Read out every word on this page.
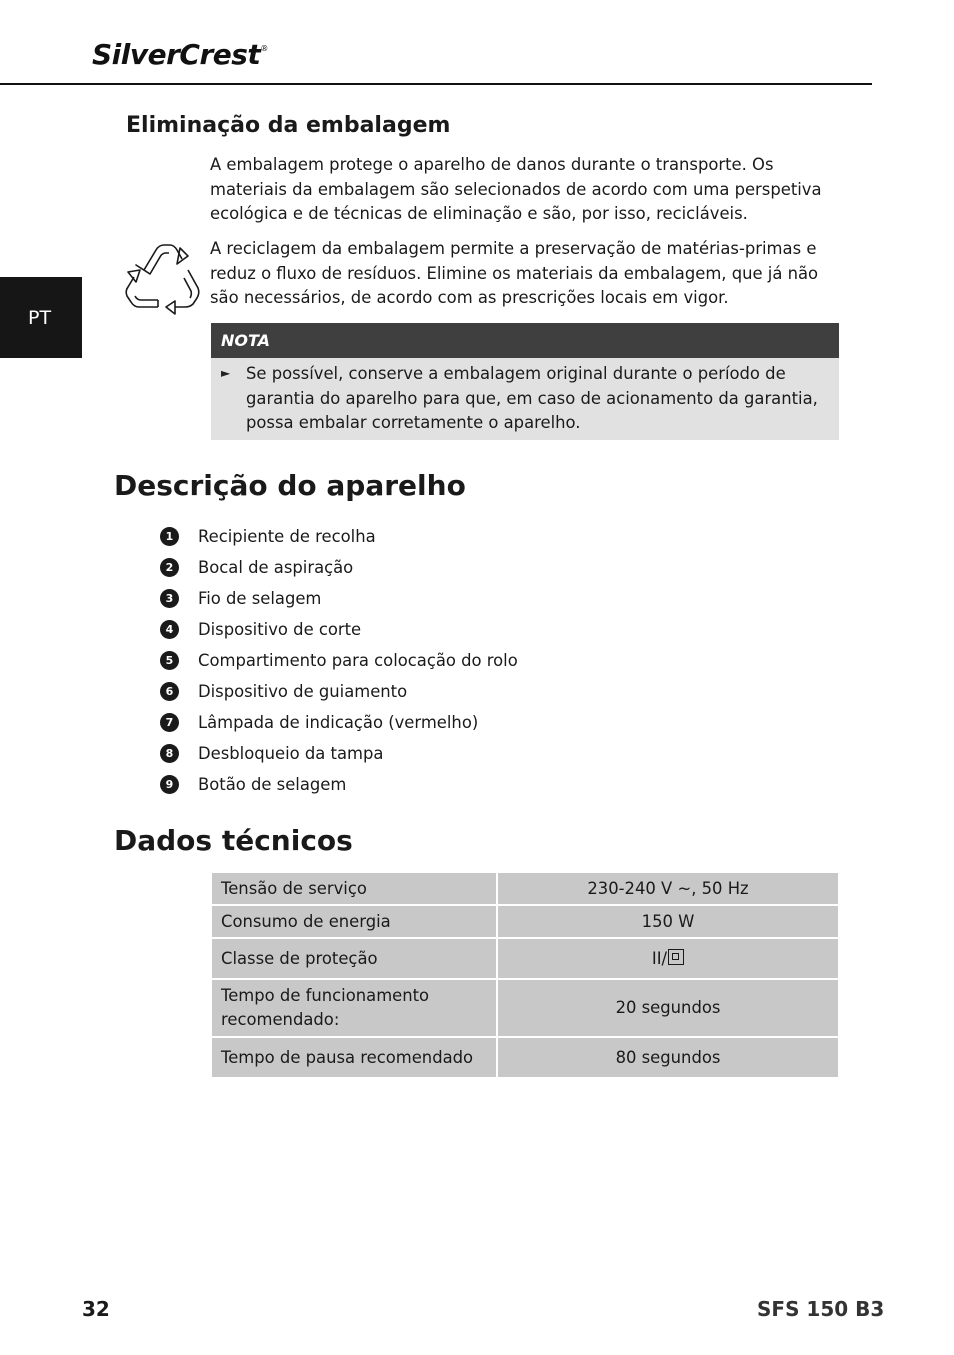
SilverCrest®
PT
Eliminação da embalagem
A embalagem protege o aparelho de danos durante o transporte. Os materiais da embalagem são selecionados de acordo com uma perspetiva ecológica e de técnicas de eliminação e são, por isso, recicláveis.
A reciclagem da embalagem permite a preservação de matérias-primas e reduz o fluxo de resíduos. Elimine os materiais da embalagem, que já não são necessários, de acordo com as prescrições locais em vigor.
NOTA
► Se possível, conserve a embalagem original durante o período de garantia do aparelho para que, em caso de acionamento da garantia, possa embalar corretamente o aparelho.
Descrição do aparelho
1	Recipiente de recolha
2	Bocal de aspiração
3	Fio de selagem
4	Dispositivo de corte
5	Compartimento para colocação do rolo
6	Dispositivo de guiamento
7	Lâmpada de indicação (vermelho)
8	Desbloqueio da tampa
9	Botão de selagem
Dados técnicos
Tensão de serviço	230-240 V ~, 50 Hz
Consumo de energia	150 W
Classe de proteção	II/
Tempo de funcionamento recomendado:	20 segundos
Tempo de pausa recomendado	80 segundos
32	SFS 150 B3
